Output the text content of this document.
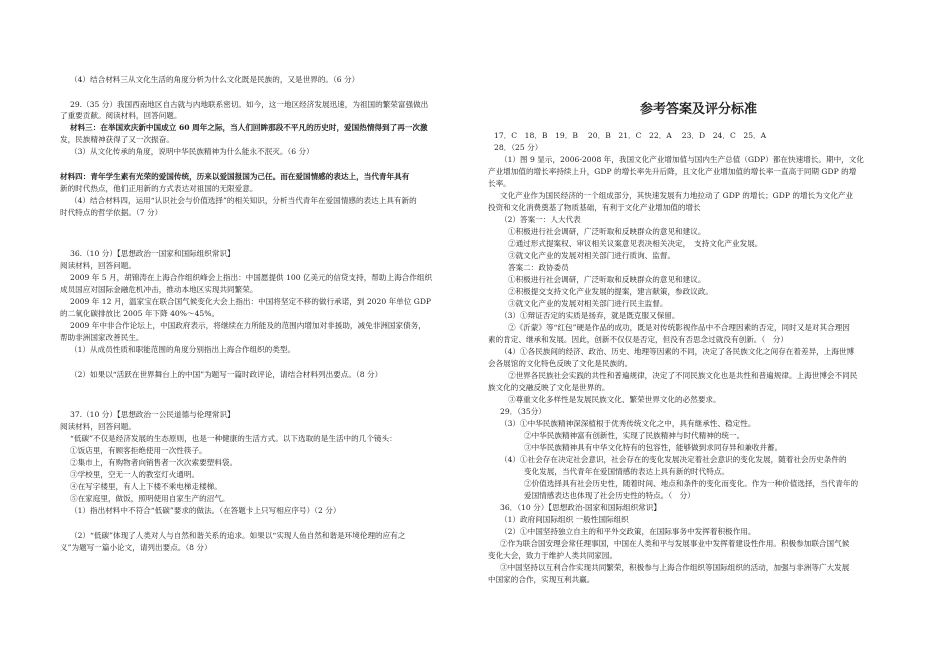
（4）结合材料三从文化生活的角度分析为什么文化既是民族的，又是世界的。（6 分）
29.（35 分）我国西南地区自古就与内地联系密切。如今，这一地区经济发展迅速，为祖国的繁荣富强做出
了重要贡献。阅读材料，回答问题。
材料三：在举国欢庆新中国成立 60 周年之际，当人们回眸那段不平凡的历史时，爱国热情得到了再一次激
发，民族精神获得了又一次振奋。
（3）从文化传承的角度，说明中华民族精神为什么能永不泯灭。（6 分）
材料四：青年学生素有光荣的爱国传统，历来以爱国报国为己任。而在爱国情感的表达上，当代青年具有
新的时代热点，他们正用新的方式表达对祖国的无限爱意。
（4）结合材料四，运用“认识社会与价值选择”的相关知识，分析当代青年在爱国情感的表达上具有新的
时代特点的哲学依据。（7 分）
36.（10 分）【思想政治一国家和国际组织常识】
阅读材料，回答问题。
2009 年 5 月，胡锦涛在上海合作组织峰会上指出：中国愿提供 100 亿美元的信贷支持，帮助上海合作组织
成员国应对国际金融危机冲击，推动本地区实现共同繁荣。
2009 年 12 月，温家宝在联合国气候变化大会上指出：中国将坚定不移的做行承诺，到 2020 年单位 GDP
的二氧化碳排放比 2005 年下降 40%～45%。
2009 年中非合作论坛上，中国政府表示，将继续在力所能及的范围内增加对非援助，减免非洲国家债务，
帮助非洲国家改善民生。
（1）从成员性质和职能范围的角度分别指出上海合作组织的类型。
（2）如果以“活跃在世界舞台上的中国”为题写一篇时政评论，请结合材料列出要点。（8 分）
37.（10 分）【思想政治一公民道德与伦理常识】
阅读材料，回答问题。
“低碳”不仅是经济发展的生态原则，也是一种健康的生活方式。以下选取的是生活中的几个镜头：
①饭店里，有顾客拒绝使用一次性筷子。
②集市上，有购物者向销售者一次次索要塑料袋。
③学校里，空无一人的教室灯火通明。
④在写字楼里，有人上下楼不乘电梯走楼梯。
⑤在家庭里，做饭，照明使用自家生产的沼气。
（1）指出材料中不符合“低碳”要求的做法。（在答题卡上只写相应序号）（2 分）
（2）“低碳”体现了人类对人与自然和谐关系的追求。如果以“实现人鱼自然和谐是环境伦理的应有之
义”为题写一篇小论文，请列出要点。（8 分）
参考答案及评分标准
17．C　18．B　19．B　 20．B　21．C　22．A　 23．D　24．C　25．A
28．（25 分）
（1）图 9 显示，2006-2008 年，我国文化产业增加值与国内生产总值（GDP）都在快速增长。期中，文化
产业增加值的增长率持续上升，GDP 的增长率先升后降，且文化产业增加值的增长率一直高于同期 GDP 的增
长率。
文化产业作为国民经济的一个组成部分，其快速发展有力地拉动了 GDP 的增长；GDP 的增长为文化产业
投资和文化消费奠基了物质基础，有利于文化产业增加值的增长
（2）答案一：人大代表
①积极进行社会调研，广泛听取和反映群众的意见和建议。
②通过形式提案权、审议相关议案意见表决相关决定，　支持文化产业发展。
③就文化产业的发展对相关部门进行质询、监督。
答案二：政协委员
①积极进行社会调研，广泛听取和反映群众的意见和建议。
②积极提交支持文化产业发展的提案，建言献策，参政议政。
③就文化产业的发展对相关部门进行民主监督。
（3）①辩证否定的实质是扬弃，就是既克服又保留。
②《沂蒙》等“红包”硬是作品的成功，既是对传统影视作品中不合理因素的否定，同时又是对其合理因
素的肯定、继承和发展。因此，创新不仅仅是否定，但没有否思念过就没有创新。（　分）
（4）①各民族间的经济、政治、历史、地理等因素的不同，决定了各民族文化之间存在着差异，上海世博
会各展馆的文化特色反映了文化是民族的。
②世界各民族社会实践的共性和普遍规律，决定了不同民族文化也是共性和普遍规律。上海世博会不同民
族文化的交融反映了文化是世界的。
③尊重文化多样性是发展民族文化、繁荣世界文化的必然要求。
29．（35分）
（3）①中华民族精神深深植根于优秀传统文化之中，具有继承性、稳定性。
②中华民族精神富有创新性，实现了民族精神与时代精神的统一。
③中华民族精神具有中华文化特有的包容性，能够做到求同存异和兼收并蓄。
（4）①社会存在决定社会意识，社会存在的变化发展决定着社会意识的变化发展，随着社会历史条件的
变化发展，当代青年在爱国情感的表达上具有新的时代特点。
②价值选择具有社会历史性，随着时间、地点和条件的变化而变化。作为一种价值选择，当代青年的
爱国情感表达也体现了社会历史性的特点。（　分）
36．（10 分）【思想政治-国家和国际组织常识】
（1）政府间国际组织 一般性国际组织
（2）①中国坚持独立自主的和平外交政策，在国际事务中发挥着积极作用。
②作为联合国安理会常任理事国，中国在人类和平与发展事业中发挥着建设性作用。积极参加联合国气候
变化大会，致力于维护人类共同家园。
③中国坚持以互利合作实现共同繁荣，积极参与上海合作组织等国际组织的活动，加强与非洲等广大发展
中国家的合作，实现互利共赢。
